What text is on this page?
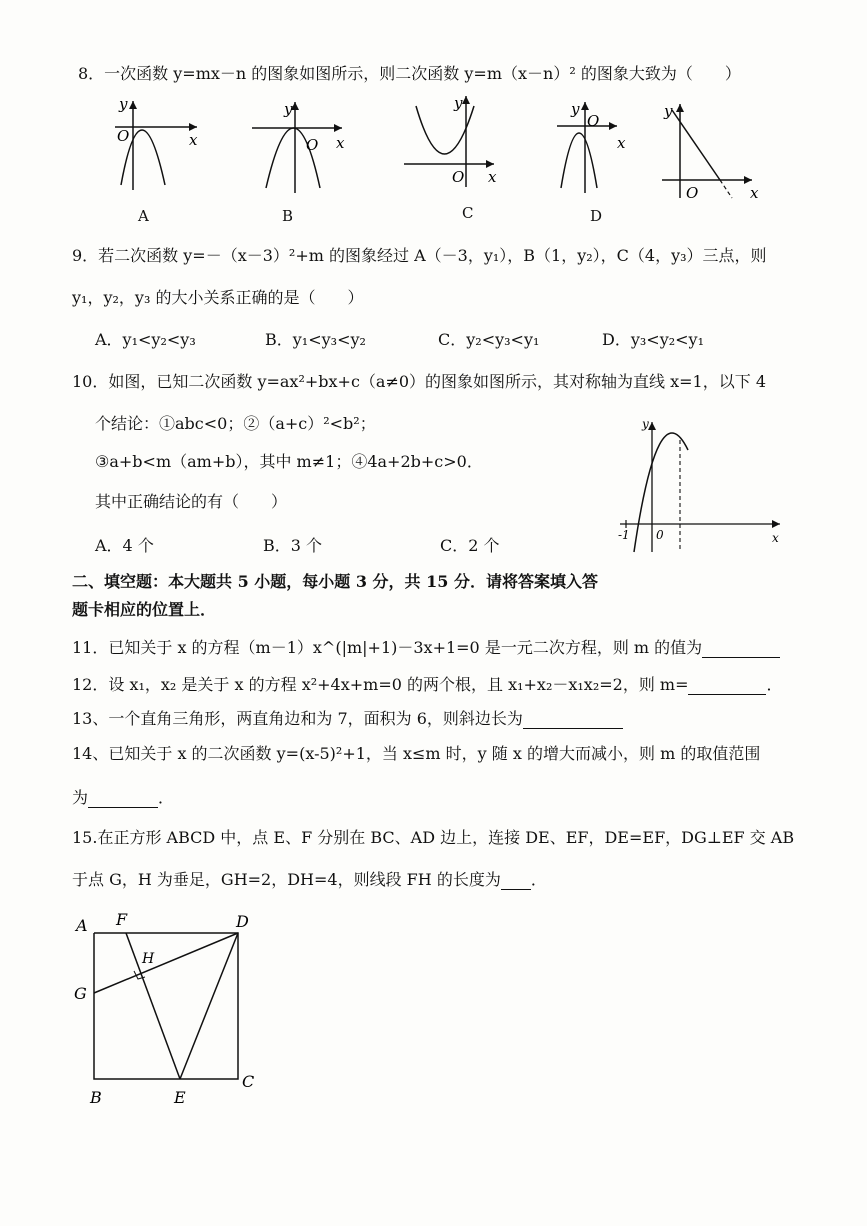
8．一次函数 y=mx－n 的图象如图所示，则二次函数 y=m（x－n）² 的图象大致为（　　）
y
O	x
A
y
O x
B
y
O x
C
y
O
x
D
y
O	x
9．若二次函数 y=－（x－3）²+m 的图象经过 A（－3，y₁），B（1，y₂），C（4，y₃）三点，则
y₁，y₂，y₃ 的大小关系正确的是（　　）
A．y₁<y₂<y₃	B．y₁<y₃<y₂	C．y₂<y₃<y₁	D．y₃<y₂<y₁
10．如图，已知二次函数 y=ax²+bx+c（a≠0）的图象如图所示，其对称轴为直线 x=1，以下 4
个结论：①abc<0；②（a+c）²<b²；
③a+b<m（am+b），其中 m≠1；④4a+2b+c>0．
其中正确结论的有（　　）
A．4 个	B．3 个	C．2 个
y
x
-1 0
二、填空题：本大题共 5 小题，每小题 3 分，共 15 分．请将答案填入答
题卡相应的位置上．
11．已知关于 x 的方程（m－1）x^(|m|+1)－3x+1=0 是一元二次方程，则 m 的值为
12．设 x₁，x₂ 是关于 x 的方程 x²+4x+m=0 的两个根，且 x₁+x₂－x₁x₂=2，则 m=	．
13、一个直角三角形，两直角边和为 7，面积为 6，则斜边长为
14、已知关于 x 的二次函数 y=(x-5)²+1，当 x≤m 时，y 随 x 的增大而减小，则 m 的取值范围
为	．
15.在正方形 ABCD 中，点 E、F 分别在 BC、AD 边上，连接 DE、EF，DE=EF，DG⊥EF 交 AB
于点 G，H 为垂足，GH=2，DH=4，则线段 FH 的长度为 ．
A F	D
H
G
B	E
C
